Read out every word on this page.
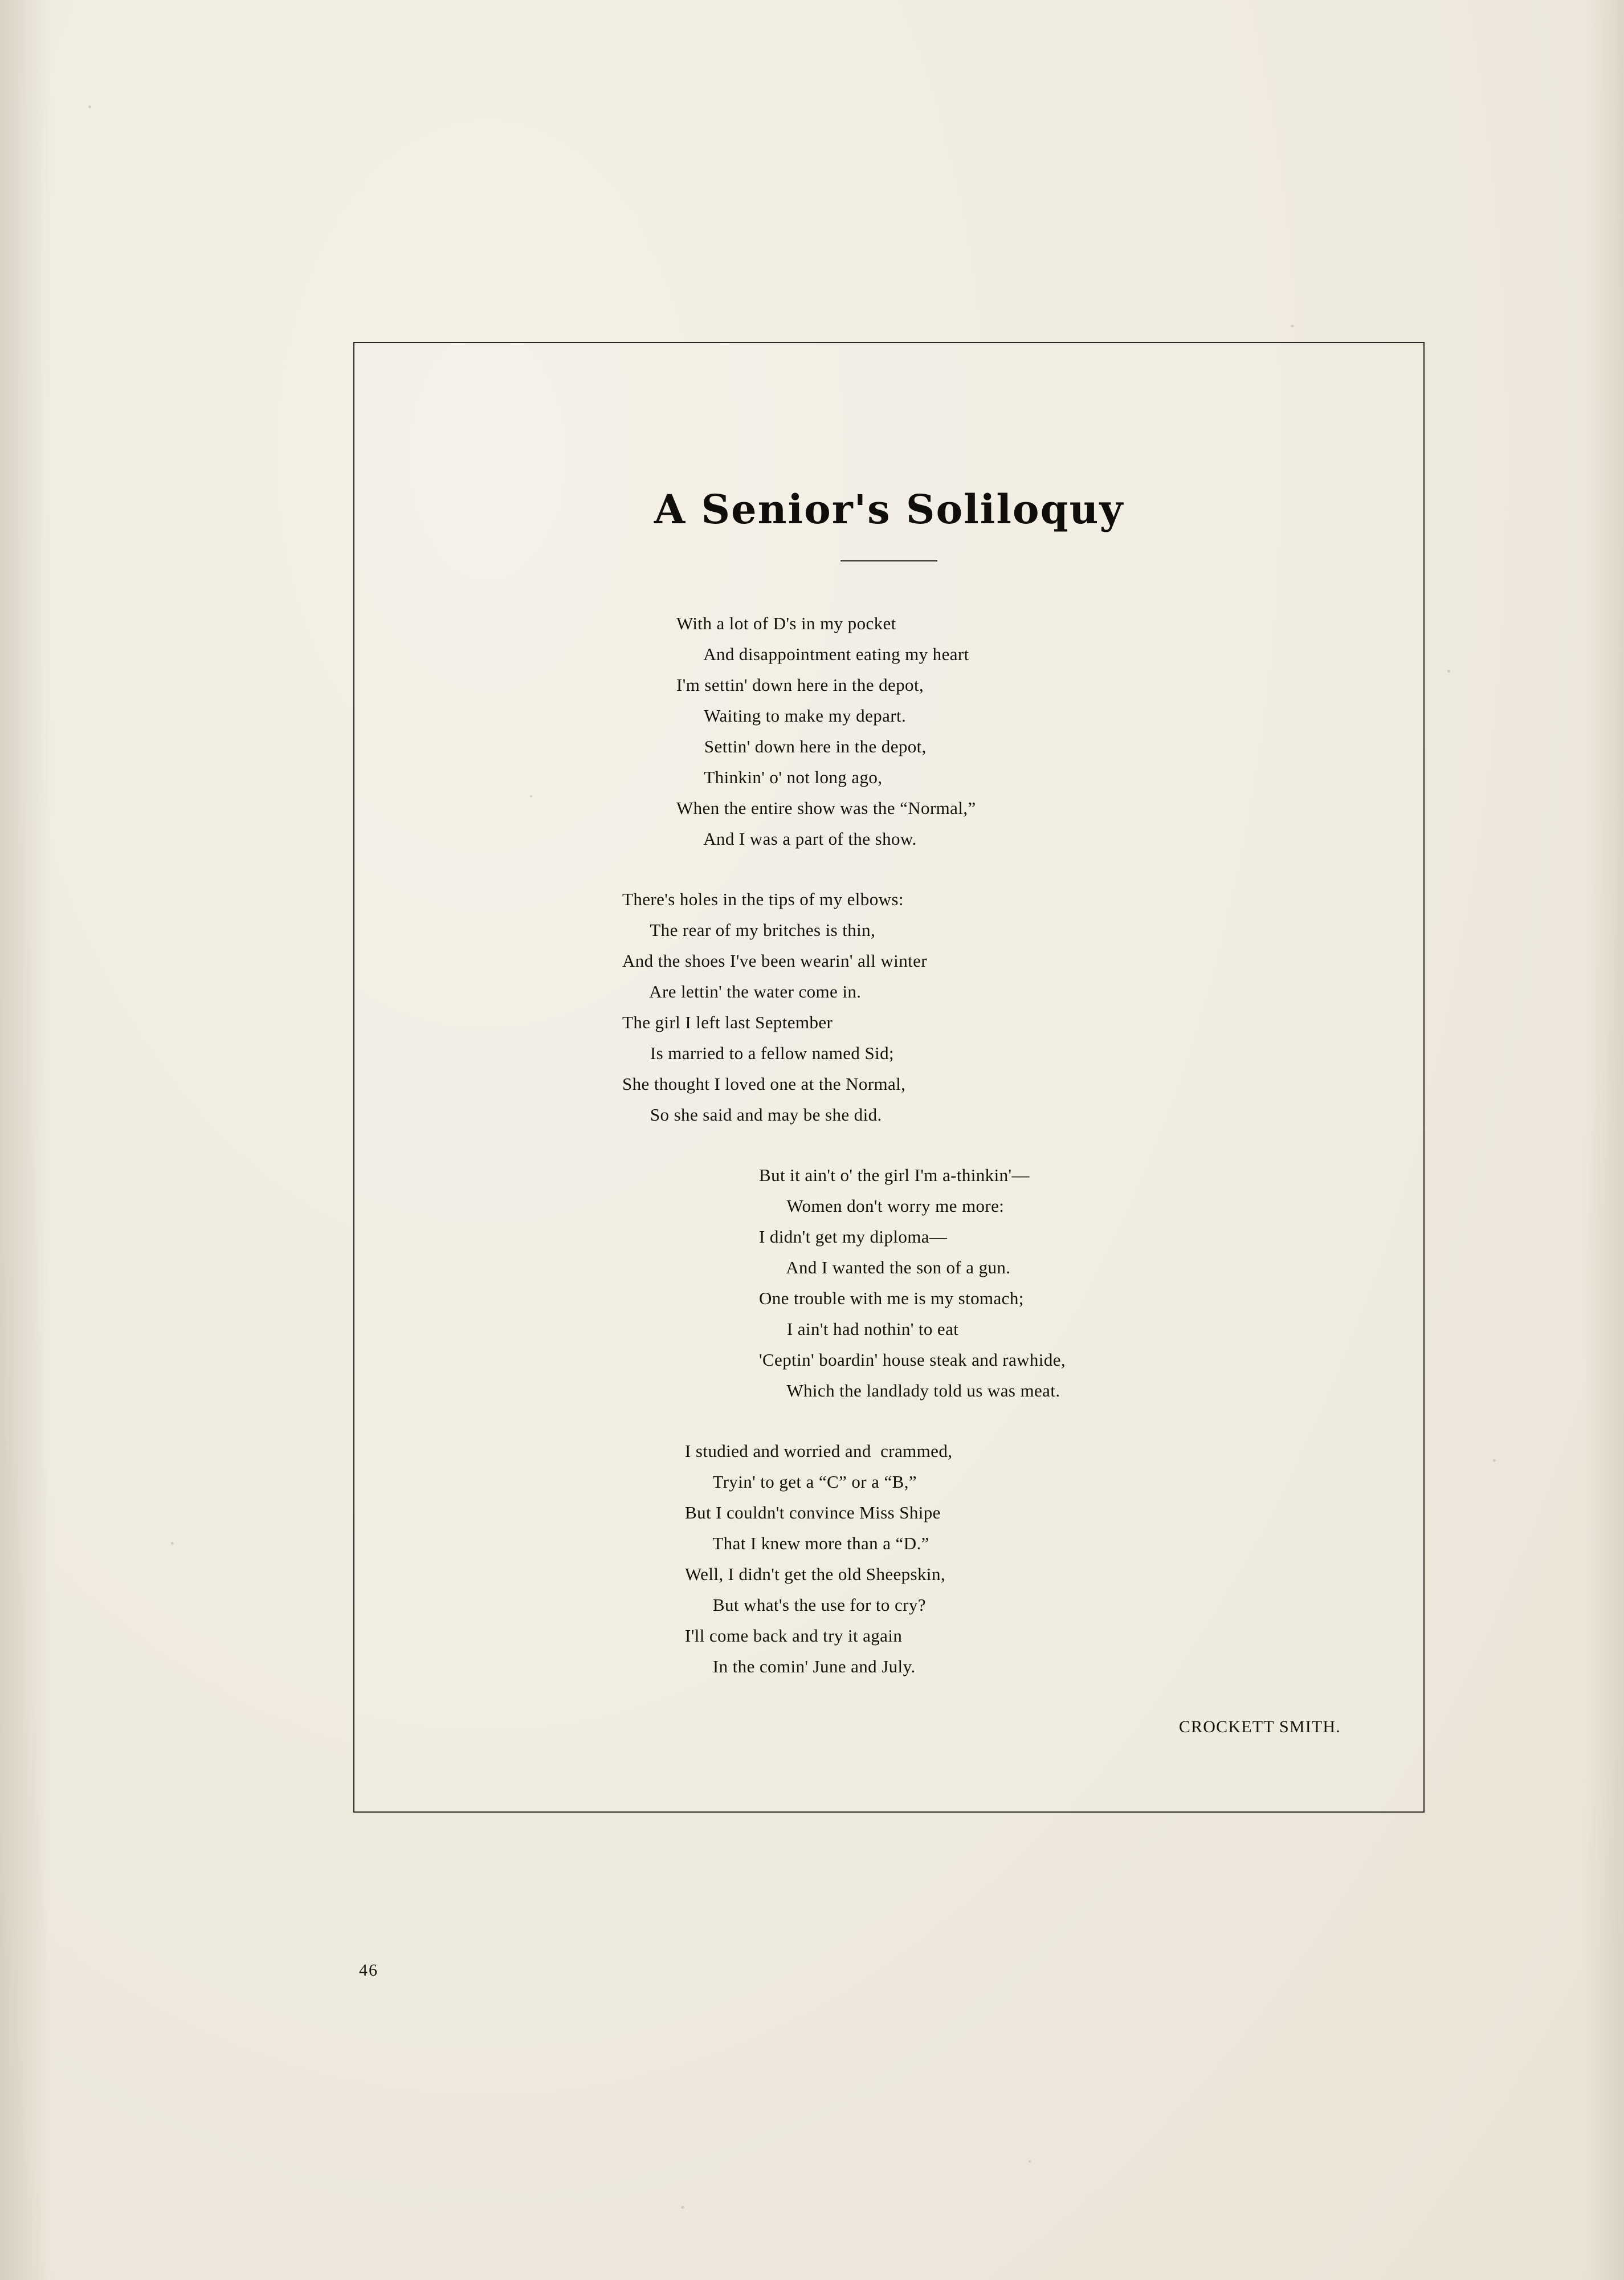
A Senior's Soliloquy
With a lot of D's in my pocket
And disappointment eating my heart
I'm settin' down here in the depot,
Waiting to make my depart.
Settin' down here in the depot,
Thinkin' o' not long ago,
When the entire show was the “Normal,”
And I was a part of the show.
There's holes in the tips of my elbows:
The rear of my britches is thin,
And the shoes I've been wearin' all winter
Are lettin' the water come in.
The girl I left last September
Is married to a fellow named Sid;
She thought I loved one at the Normal,
So she said and may be she did.
But it ain't o' the girl I'm a-thinkin'—
Women don't worry me more:
I didn't get my diploma—
And I wanted the son of a gun.
One trouble with me is my stomach;
I ain't had nothin' to eat
'Ceptin' boardin' house steak and rawhide,
Which the landlady told us was meat.
I studied and worried and  crammed,
Tryin' to get a “C” or a “B,”
But I couldn't convince Miss Shipe
That I knew more than a “D.”
Well, I didn't get the old Sheepskin,
But what's the use for to cry?
I'll come back and try it again
In the comin' June and July.
CROCKETT SMITH.
46
